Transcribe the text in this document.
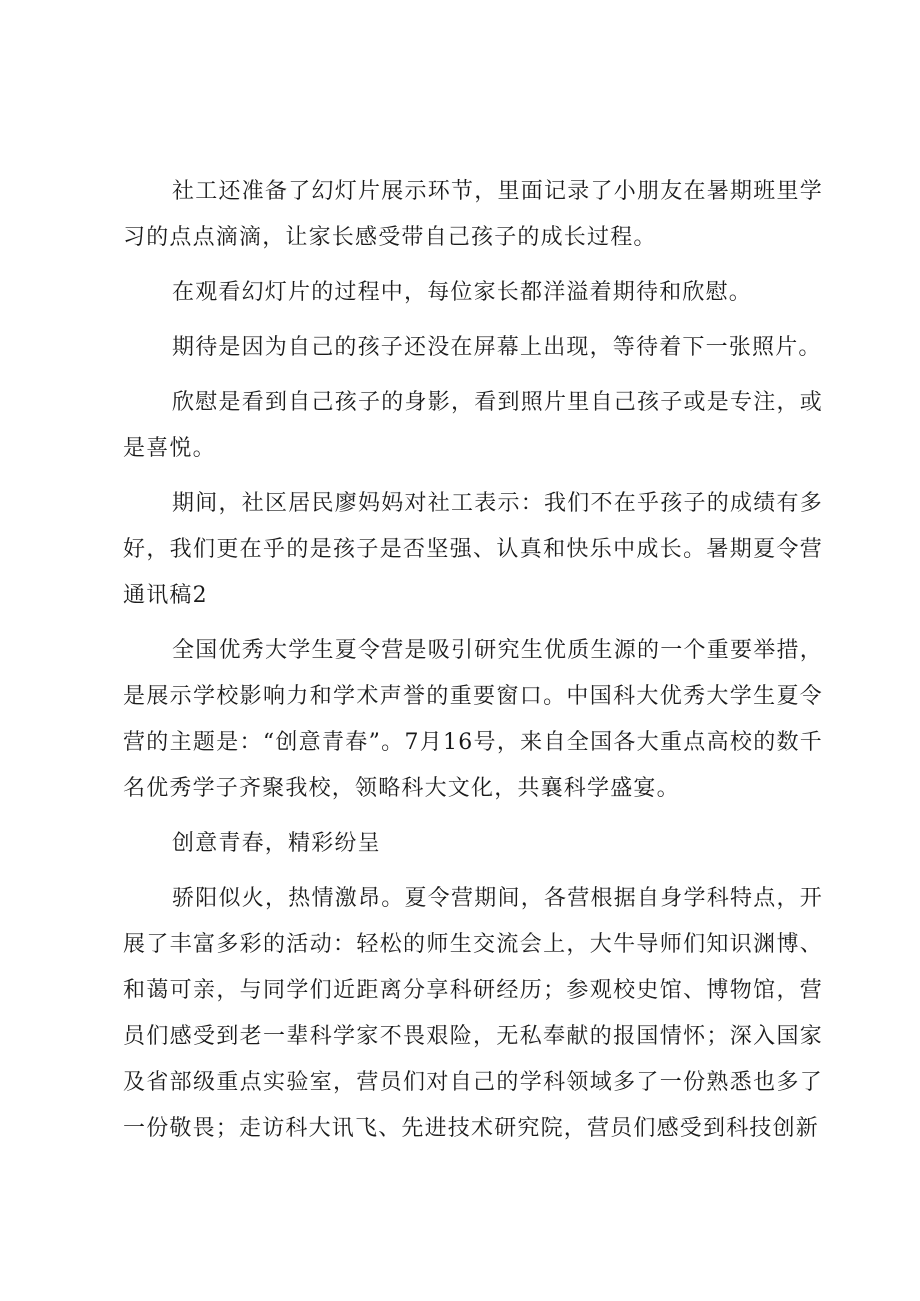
社工还准备了幻灯片展示环节，里面记录了小朋友在暑期班里学习的点点滴滴，让家长感受带自己孩子的成长过程。

在观看幻灯片的过程中，每位家长都洋溢着期待和欣慰。

期待是因为自己的孩子还没在屏幕上出现，等待着下一张照片。

欣慰是看到自己孩子的身影，看到照片里自己孩子或是专注，或是喜悦。

期间，社区居民廖妈妈对社工表示：我们不在乎孩子的成绩有多好，我们更在乎的是孩子是否坚强、认真和快乐中成长。暑期夏令营通讯稿2

全国优秀大学生夏令营是吸引研究生优质生源的一个重要举措，是展示学校影响力和学术声誉的重要窗口。中国科大优秀大学生夏令营的主题是：“创意青春”。7月16号，来自全国各大重点高校的数千名优秀学子齐聚我校，领略科大文化，共襄科学盛宴。

创意青春，精彩纷呈

骄阳似火，热情激昂。夏令营期间，各营根据自身学科特点，开展了丰富多彩的活动：轻松的师生交流会上，大牛导师们知识渊博、和蔼可亲，与同学们近距离分享科研经历；参观校史馆、博物馆，营员们感受到老一辈科学家不畏艰险，无私奉献的报国情怀；深入国家及省部级重点实验室，营员们对自己的学科领域多了一份熟悉也多了一份敬畏；走访科大讯飞、先进技术研究院，营员们感受到科技创新
